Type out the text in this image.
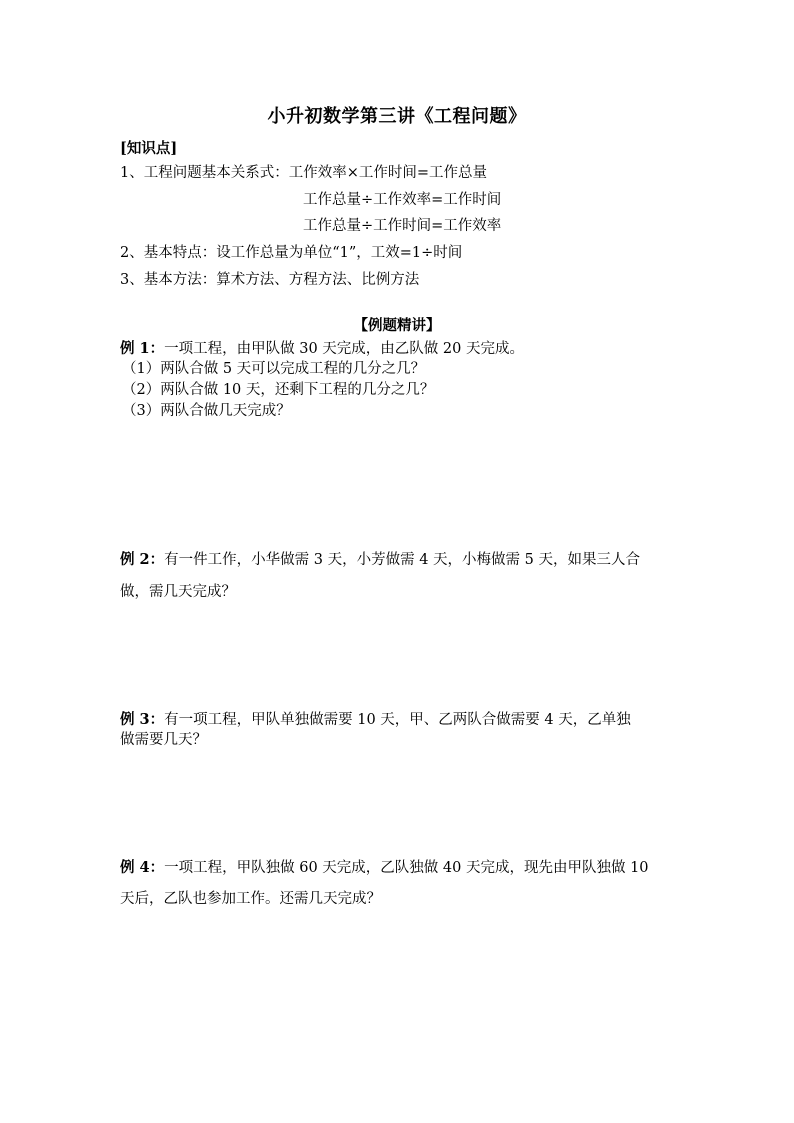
小升初数学第三讲《工程问题》
[知识点]
1、工程问题基本关系式：工作效率×工作时间=工作总量
工作总量÷工作效率=工作时间
工作总量÷工作时间=工作效率
2、基本特点：设工作总量为单位“1”，工效=1÷时间
3、基本方法：算术方法、方程方法、比例方法
【例题精讲】
例 1：一项工程，由甲队做 30 天完成，由乙队做 20 天完成。
（1）两队合做 5 天可以完成工程的几分之几？
（2）两队合做 10 天，还剩下工程的几分之几？
（3）两队合做几天完成？
例 2：有一件工作，小华做需 3 天，小芳做需 4 天，小梅做需 5 天，如果三人合
做，需几天完成？
例 3：有一项工程，甲队单独做需要 10 天，甲、乙两队合做需要 4 天，乙单独
做需要几天？
例 4：一项工程，甲队独做 60 天完成，乙队独做 40 天完成，现先由甲队独做 10
天后，乙队也参加工作。还需几天完成？
